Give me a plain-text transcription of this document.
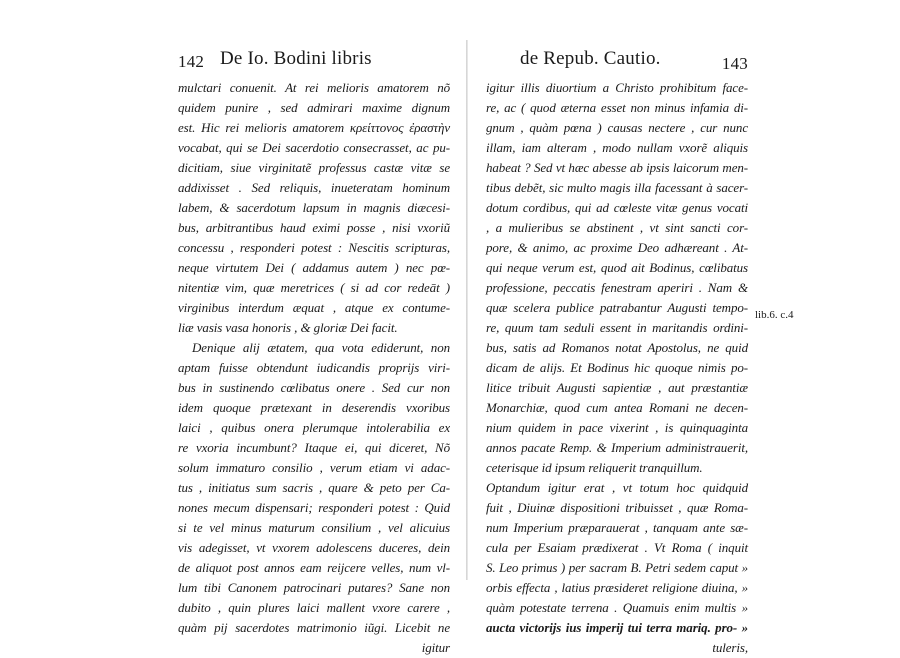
142 De Io. Bodini libris
mulctari conuenit. At rei melioris amatorem nõ
quidem punire , sed admirari maxime dignum
est. Hic rei melioris amatorem κρείττονος ἐραστὴν
vocabat, qui se Dei sacerdotio consecrasset, ac pu-
dicitiam, siue virginitatẽ professus castæ vitæ se
addixisset . Sed reliquis, inueteratam hominum
labem, & sacerdotum lapsum in magnis diæcesi-
bus, arbitrantibus haud eximi posse , nisi vxoriũ
concessu , responderi potest : Nescitis scripturas,
neque virtutem Dei ( addamus autem ) nec pœ-
nitentiæ vim, quæ meretrices ( si ad cor redeāt )
virginibus interdum æquat , atque ex contume-
liæ vasis vasa honoris , & gloriæ Dei facit.
Denique alij ætatem, qua vota ediderunt, non
aptam fuisse obtendunt iudicandis proprijs viri-
bus in sustinendo cœlibatus onere . Sed cur non
idem quoque prætexant in deserendis vxoribus
laici , quibus onera plerumque intolerabilia ex
re vxoria incumbunt? Itaque ei, qui diceret, Nõ
solum immaturo consilio , verum etiam vi adac-
tus , initiatus sum sacris , quare & peto per Ca-
nones mecum dispensari; responderi potest : Quid
si te vel minus maturum consilium , vel alicuius
vis adegisset, vt vxorem adolescens duceres, dein
de aliquot post annos eam reijcere velles, num vl-
lum tibi Canonem patrocinari putares? Sane non
dubito , quin plures laici mallent vxore carere ,
quàm pij sacerdotes matrimonio iũgi. Licebit ne
igitur
de Repub. Cautio.	143
igitur illis diuortium a Christo prohibitum face-
re, ac ( quod æterna esset non minus infamia di-
gnum , quàm pœna ) causas nectere , cur nunc
illam, iam alteram , modo nullam vxorẽ aliquis
habeat ? Sed vt hæc abesse ab ipsis laicorum men-
tibus debẽt, sic multo magis illa facessant à sacer-
dotum cordibus, qui ad cœleste vitæ genus vocati
, a mulieribus se abstinent , vt sint sancti cor-
pore, & animo, ac proxime Deo adhæreant . At-
qui neque verum est, quod ait Bodinus, cœlibatus
professione, peccatis fenestram aperiri . Nam &
quæ scelera publice patrabantur Augusti tempo-
re, quum tam seduli essent in maritandis ordini-
bus, satis ad Romanos notat Apostolus, ne quid
dicam de alijs. Et Bodinus hic quoque nimis po-
litice tribuit Augusti sapientiæ , aut præstantiæ
Monarchiæ, quod cum antea Romani ne decen-
nium quidem in pace vixerint , is quinquaginta
annos pacate Remp. & Imperium administrauerit,
ceterisque id ipsum reliquerit tranquillum.
Optandum igitur erat , vt totum hoc quidquid
fuit , Diuinæ dispositioni tribuisset , quæ Roma-
num Imperium præparauerat , tanquam ante sæ-
cula per Esaiam prædixerat . Vt Roma ( inquit
S. Leo primus ) per sacram B. Petri sedem caput »
orbis effecta , latius præsideret religione diuina, »
quàm potestate terrena . Quamuis enim multis »
aucta victorijs ius imperij tui terra mariq. pro- »
tuleris,
lib.6. c.4
